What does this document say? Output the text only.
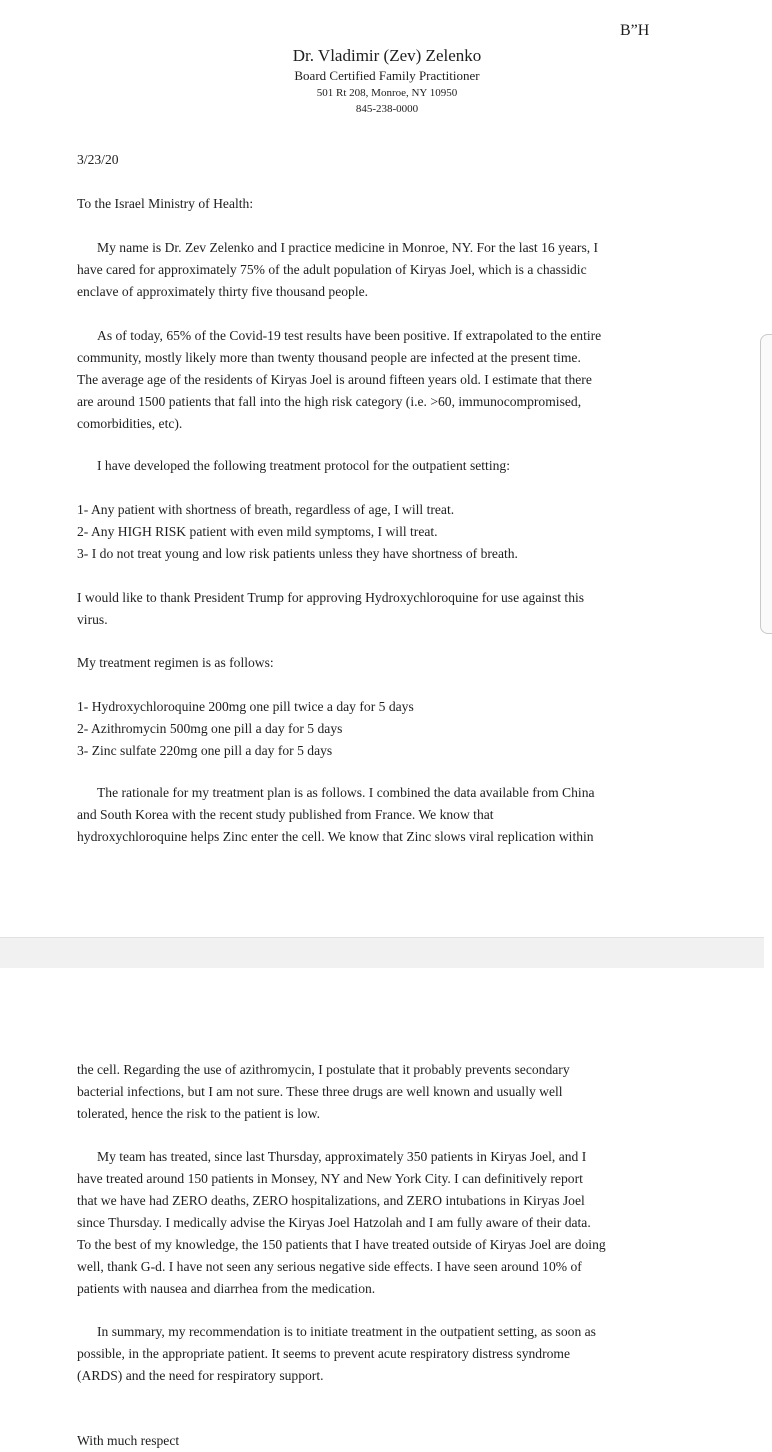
B”H
Dr. Vladimir (Zev) Zelenko
Board Certified Family Practitioner
501 Rt 208, Monroe, NY 10950
845-238-0000
3/23/20
To the Israel Ministry of Health:
My name is Dr. Zev Zelenko and I practice medicine in Monroe, NY. For the last 16 years, I
have cared for approximately 75% of the adult population of Kiryas Joel, which is a chassidic
enclave of approximately thirty five thousand people.
As of today, 65% of the Covid-19 test results have been positive. If extrapolated to the entire
community, mostly likely more than twenty thousand people are infected at the present time.
The average age of the residents of Kiryas Joel is around fifteen years old. I estimate that there
are around 1500 patients that fall into the high risk category (i.e. >60, immunocompromised,
comorbidities, etc).
I have developed the following treatment protocol for the outpatient setting:
1- Any patient with shortness of breath, regardless of age, I will treat.
2- Any HIGH RISK patient with even mild symptoms, I will treat.
3- I do not treat young and low risk patients unless they have shortness of breath.
I would like to thank President Trump for approving Hydroxychloroquine for use against this
virus.
My treatment regimen is as follows:
1- Hydroxychloroquine 200mg one pill twice a day for 5 days
2- Azithromycin 500mg one pill a day for 5 days
3- Zinc sulfate 220mg one pill a day for 5 days
The rationale for my treatment plan is as follows. I combined the data available from China
and South Korea with the recent study published from France. We know that
hydroxychloroquine helps Zinc enter the cell. We know that Zinc slows viral replication within
the cell. Regarding the use of azithromycin, I postulate that it probably prevents secondary
bacterial infections, but I am not sure. These three drugs are well known and usually well
tolerated, hence the risk to the patient is low.
My team has treated, since last Thursday, approximately 350 patients in Kiryas Joel, and I
have treated around 150 patients in Monsey, NY and New York City. I can definitively report
that we have had ZERO deaths, ZERO hospitalizations, and ZERO intubations in Kiryas Joel
since Thursday. I medically advise the Kiryas Joel Hatzolah and I am fully aware of their data.
To the best of my knowledge, the 150 patients that I have treated outside of Kiryas Joel are doing
well, thank G-d. I have not seen any serious negative side effects. I have seen around 10% of
patients with nausea and diarrhea from the medication.
In summary, my recommendation is to initiate treatment in the outpatient setting, as soon as
possible, in the appropriate patient. It seems to prevent acute respiratory distress syndrome
(ARDS) and the need for respiratory support.
With much respect
